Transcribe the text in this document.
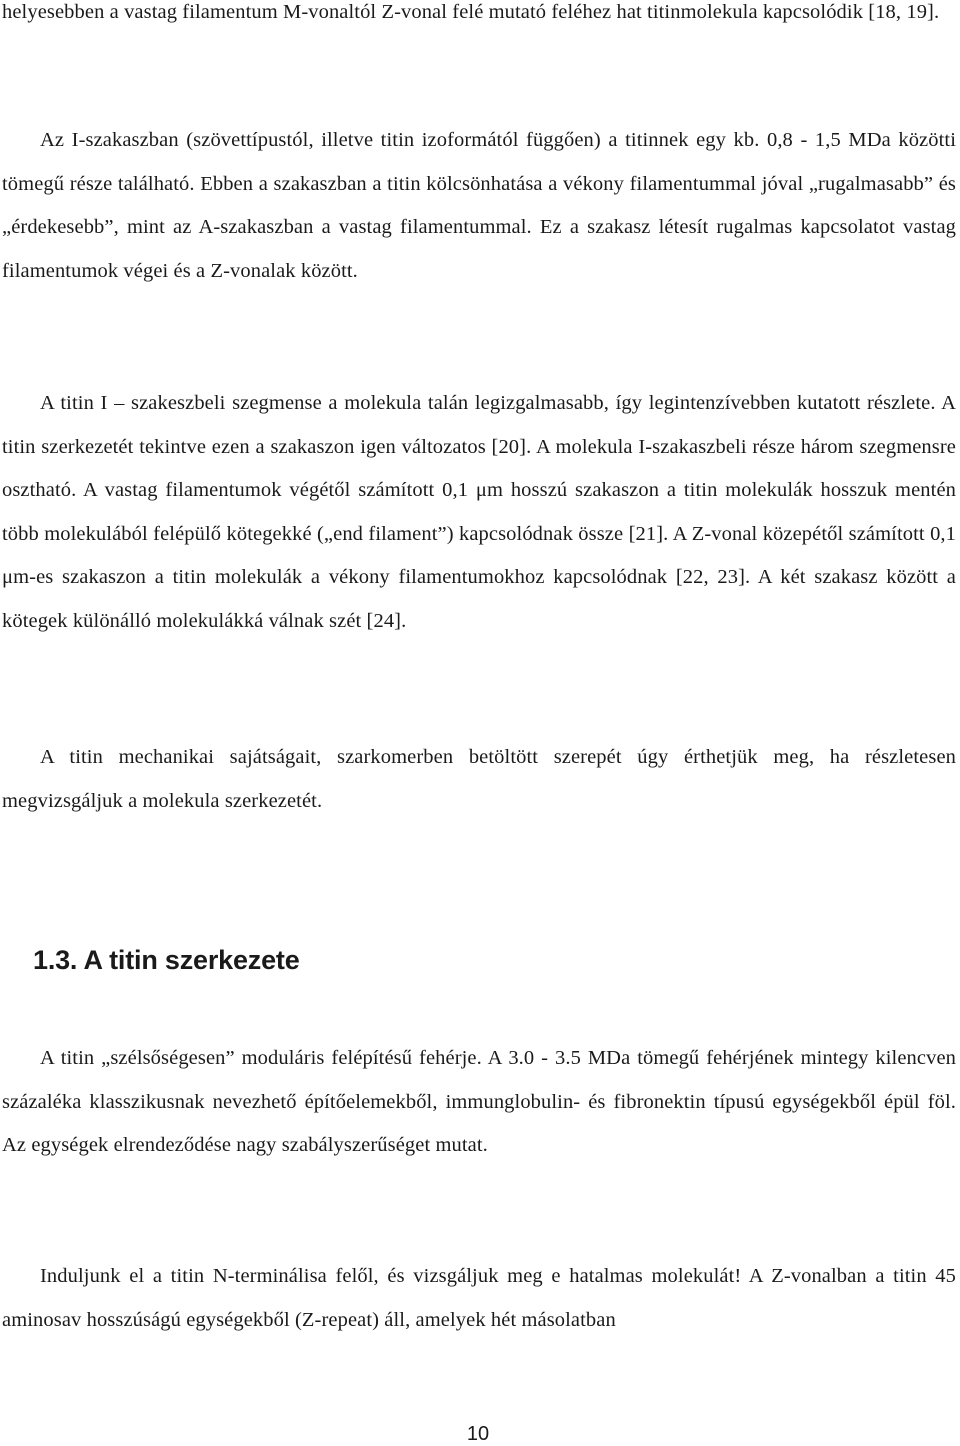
helyesebben a vastag filamentum M-vonaltól Z-vonal felé mutató feléhez hat titinmolekula kapcsolódik [18, 19].

Az I-szakaszban (szövettípustól, illetve titin izoformától függően) a titinnek egy kb. 0,8 - 1,5 MDa közötti tömegű része található. Ebben a szakaszban a titin kölcsönhatása a vékony filamentummal jóval „rugalmasabb” és „érdekesebb”, mint az A-szakaszban a vastag filamentummal. Ez a szakasz létesít rugalmas kapcsolatot vastag filamentumok végei és a Z-vonalak között.

A titin I – szakeszbeli szegmense a molekula talán legizgalmasabb, így legintenzívebben kutatott részlete. A titin szerkezetét tekintve ezen a szakaszon igen változatos [20]. A molekula I-szakaszbeli része három szegmensre osztható. A vastag filamentumok végétől számított 0,1 μm hosszú szakaszon a titin molekulák hosszuk mentén több molekulából felépülő kötegekké („end filament”) kapcsolódnak össze [21]. A Z-vonal közepétől számított 0,1 μm-es szakaszon a titin molekulák a vékony filamentumokhoz kapcsolódnak [22, 23]. A két szakasz között a kötegek különálló molekulákká válnak szét [24].

A titin mechanikai sajátságait, szarkomerben betöltött szerepét úgy érthetjük meg, ha részletesen megvizsgáljuk a molekula szerkezetét.

1.3. A titin szerkezete

A titin „szélsőségesen” moduláris felépítésű fehérje. A 3.0 - 3.5 MDa tömegű fehérjének mintegy kilencven százaléka klasszikusnak nevezhető építőelemekből, immunglobulin- és fibronektin típusú egységekből épül föl. Az egységek elrendeződése nagy szabályszerűséget mutat.

Induljunk el a titin N-terminálisa felől, és vizsgáljuk meg e hatalmas molekulát! A Z-vonalban a titin 45 aminosav hosszúságú egységekből (Z-repeat) áll, amelyek hét másolatban

10
